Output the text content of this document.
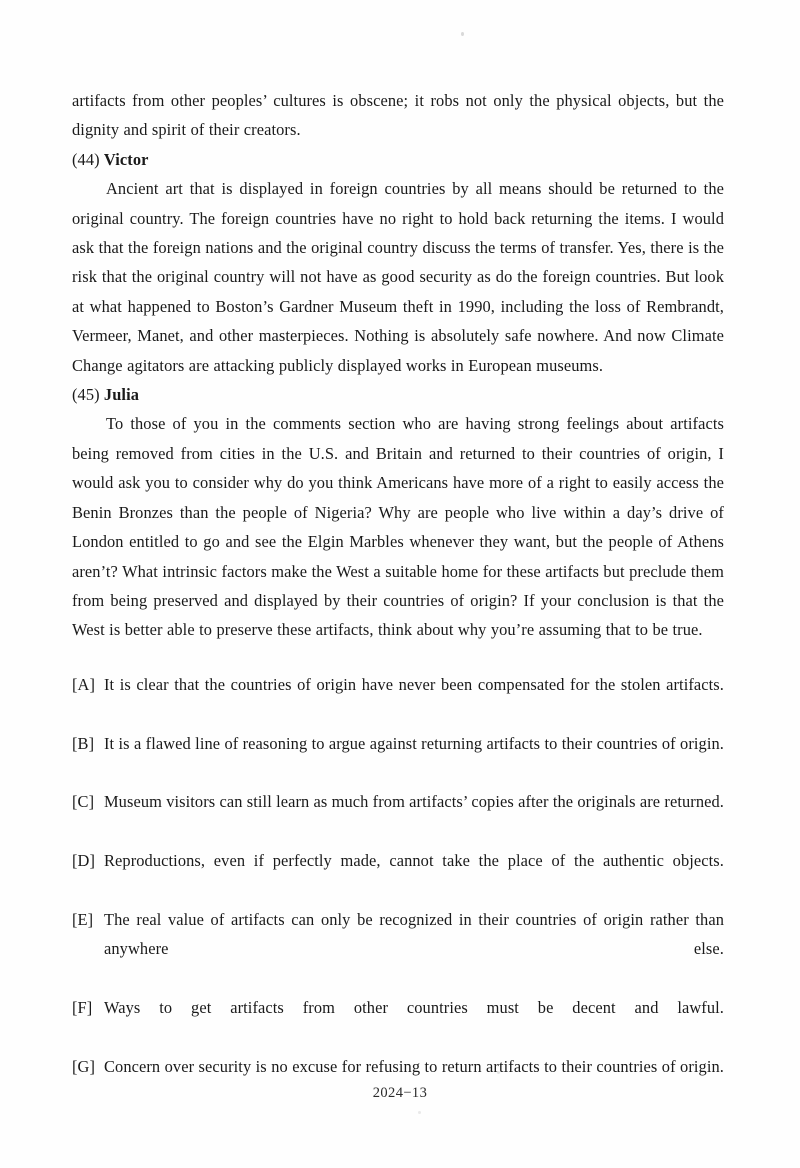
artifacts from other peoples’ cultures is obscene; it robs not only the physical objects, but the dignity and spirit of their creators.

(44) Victor

Ancient art that is displayed in foreign countries by all means should be returned to the original country. The foreign countries have no right to hold back returning the items. I would ask that the foreign nations and the original country discuss the terms of transfer. Yes, there is the risk that the original country will not have as good security as do the foreign countries. But look at what happened to Boston’s Gardner Museum theft in 1990, including the loss of Rembrandt, Vermeer, Manet, and other masterpieces. Nothing is absolutely safe nowhere. And now Climate Change agitators are attacking publicly displayed works in European museums.

(45) Julia

To those of you in the comments section who are having strong feelings about artifacts being removed from cities in the U.S. and Britain and returned to their countries of origin, I would ask you to consider why do you think Americans have more of a right to easily access the Benin Bronzes than the people of Nigeria? Why are people who live within a day’s drive of London entitled to go and see the Elgin Marbles whenever they want, but the people of Athens aren’t? What intrinsic factors make the West a suitable home for these artifacts but preclude them from being preserved and displayed by their countries of origin? If your conclusion is that the West is better able to preserve these artifacts, think about why you’re assuming that to be true.

[A] It is clear that the countries of origin have never been compensated for the stolen artifacts.
[B] It is a flawed line of reasoning to argue against returning artifacts to their countries of origin.
[C] Museum visitors can still learn as much from artifacts’ copies after the originals are returned.
[D] Reproductions, even if perfectly made, cannot take the place of the authentic objects.
[E] The real value of artifacts can only be recognized in their countries of origin rather than anywhere else.
[F] Ways to get artifacts from other countries must be decent and lawful.
[G] Concern over security is no excuse for refusing to return artifacts to their countries of origin.
2024−13
